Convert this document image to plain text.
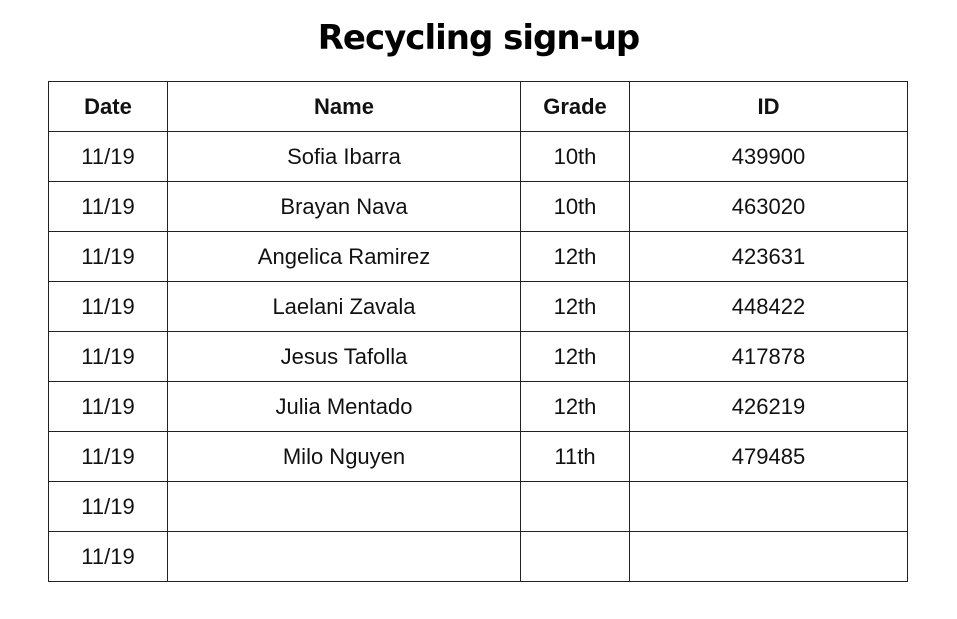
Recycling sign-up
Date	Name	Grade	ID
11/19	Sofia Ibarra	10th	439900
11/19	Brayan Nava	10th	463020
11/19	Angelica Ramirez	12th	423631
11/19	Laelani Zavala	12th	448422
11/19	Jesus Tafolla	12th	417878
11/19	Julia Mentado	12th	426219
11/19	Milo Nguyen	11th	479485
11/19			
11/19			
